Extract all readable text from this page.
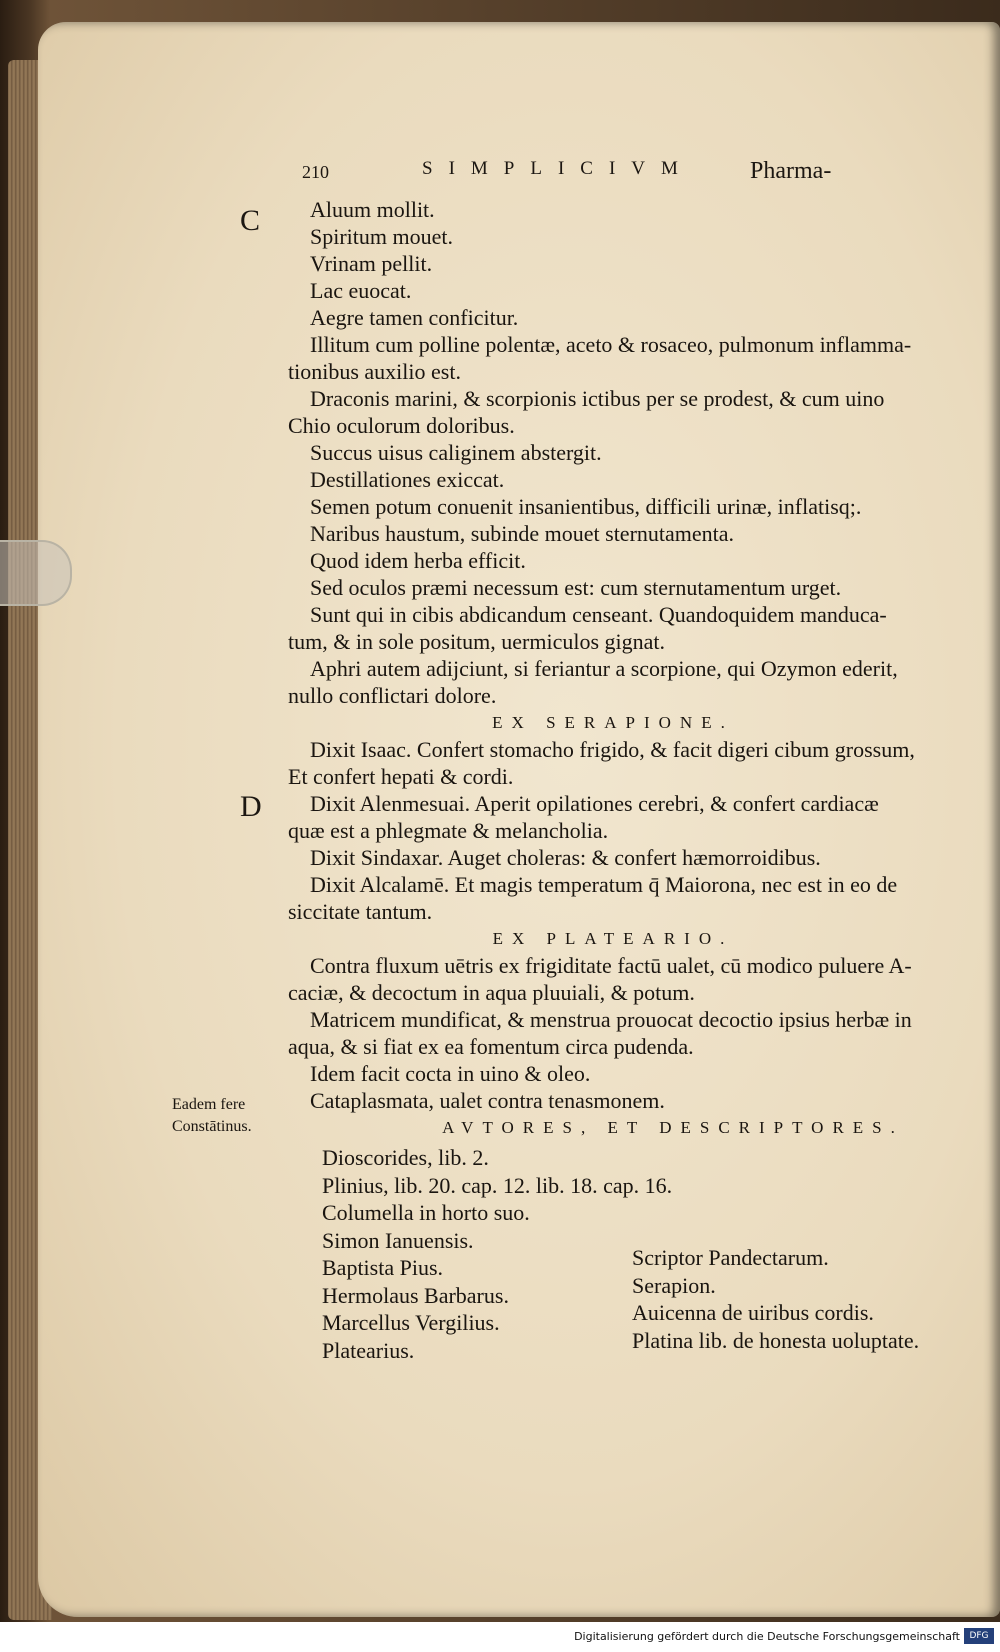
210	SIMPLICIVM Pharma-
C
D
Aluum mollit.
Spiritum mouet.
Vrinam pellit.
Lac euocat.
Aegre tamen conficitur.
Illitum cum polline polentæ, aceto & rosaceo, pulmonum inflamma-
tionibus auxilio est.
Draconis marini, & scorpionis ictibus per se prodest, & cum uino
Chio oculorum doloribus.
Succus uisus caliginem abstergit.
Destillationes exiccat.
Semen potum conuenit insanientibus, difficili urinæ, inflatisq;.
Naribus haustum, subinde mouet sternutamenta.
Quod idem herba efficit.
Sed oculos præmi necessum est: cum sternutamentum urget.
Sunt qui in cibis abdicandum censeant. Quandoquidem manduca-
tum, & in sole positum, uermiculos gignat.
Aphri autem adijciunt, si feriantur a scorpione, qui Ozymon ederit,
nullo conflictari dolore.
EX SERAPIONE.
Dixit Isaac. Confert stomacho frigido, & facit digeri cibum grossum,
Et confert hepati & cordi.
Dixit Alenmesuai. Aperit opilationes cerebri, & confert cardiacæ
quæ est a phlegmate & melancholia.
Dixit Sindaxar. Auget choleras: & confert hæmorroidibus.
Dixit Alcalamē. Et magis temperatum q̄ Maiorona, nec est in eo de
siccitate tantum.
EX PLATEARIO.
Contra fluxum uētris ex frigiditate factū ualet, cū modico puluere A-
caciæ, & decoctum in aqua pluuiali, & potum.
Matricem mundificat, & menstrua prouocat decoctio ipsius herbæ in
aqua, & si fiat ex ea fomentum circa pudenda.
Idem facit cocta in uino & oleo.
Cataplasmata, ualet contra tenasmonem.
AVTORES, ET DESCRIPTORES.
Eadem fere
Constātinus.
Dioscorides, lib. 2.
Plinius, lib. 20. cap. 12. lib. 18. cap. 16.
Columella in horto suo.
Simon Ianuensis.
Baptista Pius.
Hermolaus Barbarus.
Marcellus Vergilius.
Platearius.
Scriptor Pandectarum.
Serapion.
Auicenna de uiribus cordis.
Platina lib. de honesta uoluptate.
Digitalisierung gefördert durch die Deutsche Forschungsgemeinschaft	DFG
